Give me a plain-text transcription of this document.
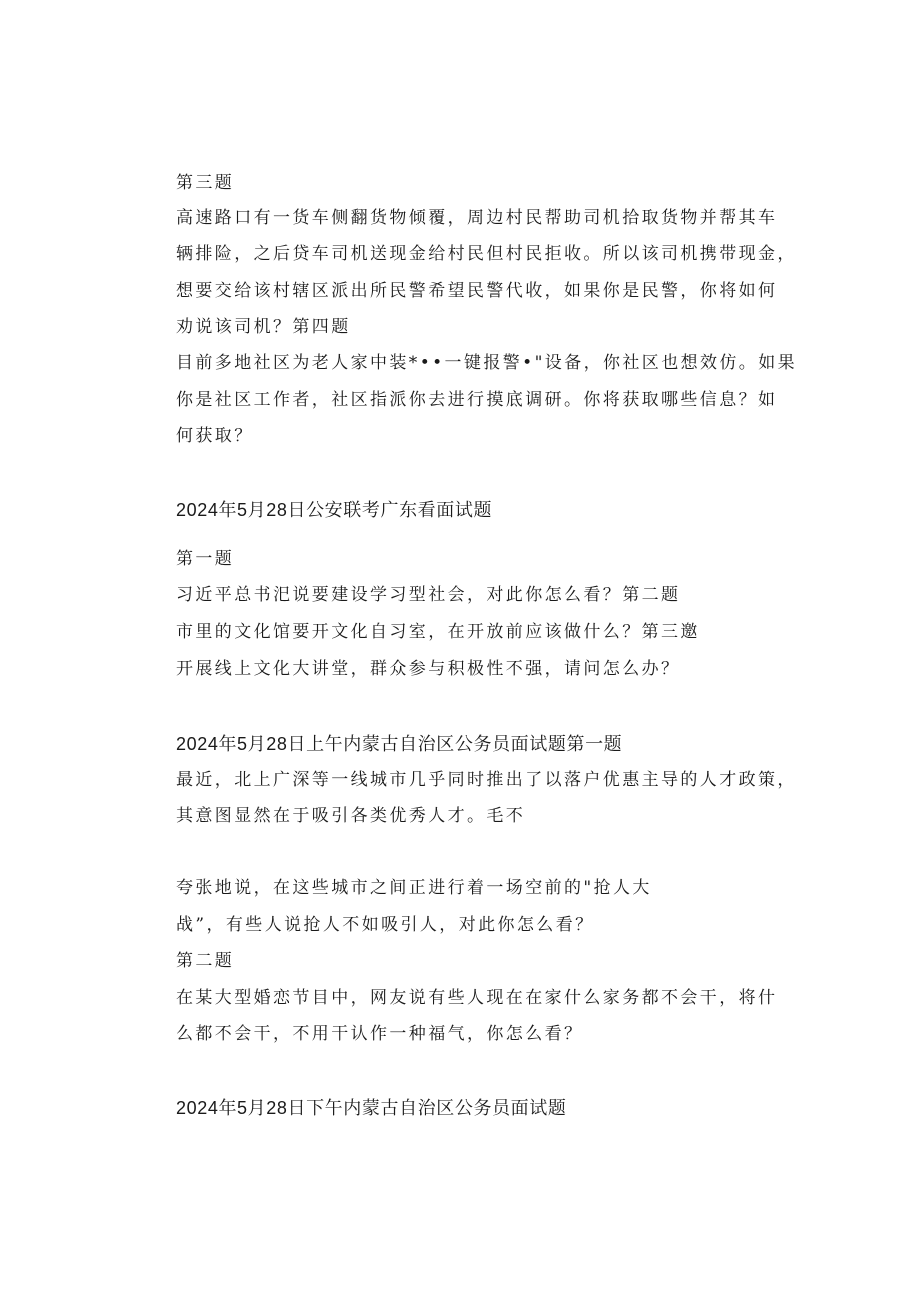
第三题
高速路口有一货车侧翻货物倾覆，周边村民帮助司机拾取货物并帮其车
辆排险，之后贷车司机送现金给村民但村民拒收。所以该司机携带现金，
想要交给该村辖区派出所民警希望民警代收，如果你是民警，你将如何
劝说该司机？第四题
目前多地社区为老人家中装*••一键报警•"设备，你社区也想效仿。如果
你是社区工作者，社区指派你去进行摸底调研。你将获取哪些信息？如
何获取？
2024年5月28日公安联考广东看面试题
第一题
习近平总书汜说要建设学习型社会，对此你怎么看？第二题
市里的文化馆要开文化自习室，在开放前应该做什么？第三邀
开展线上文化大讲堂，群众参与积极性不强，请问怎么办？
2024年5月28日上午内蒙古自治区公务员面试题第一题
最近，北上广深等一线城市几乎同时推出了以落户优惠主导的人才政策，
其意图显然在于吸引各类优秀人才。毛不
夸张地说，在这些城市之间正进行着一场空前的"抢人大
战”，有些人说抢人不如吸引人，对此你怎么看？
第二题
在某大型婚恋节目中，网友说有些人现在在家什么家务都不会干，将什
么都不会干，不用干认作一种福气，你怎么看？
2024年5月28日下午内蒙古自治区公务员面试题
